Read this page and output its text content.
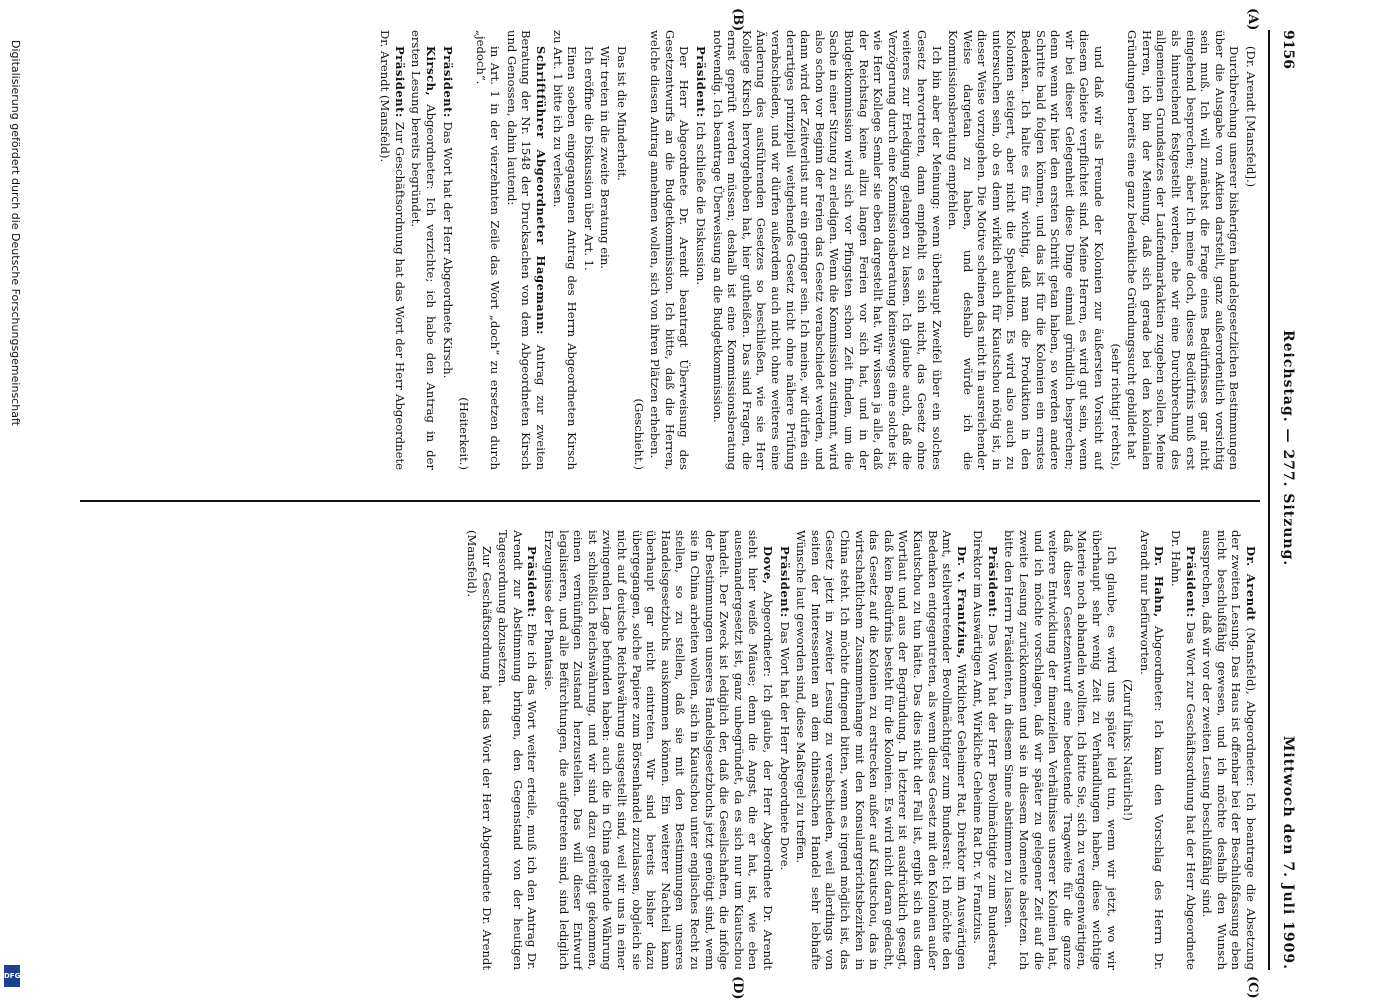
9156
Reichstag. — 277. Sitzung.
Mittwoch den 7. Juli 1909.
(A)
(B)
(C)
(D)

(Dr. Arendt [Mansfeld].)

Durchbrechung unserer bisherigen handelsgesetzlichen Bestimmungen über die Ausgabe von Aktien darstellt, ganz außerordentlich vorsichtig sein muß. Ich will zunächst die Frage eines Bedürfnisses gar nicht eingehend besprechen; aber ich meine doch, dieses Bedürfnis muß erst als hinreichend festgestellt werden, ehe wir eine Durchbrechung des allgemeinen Grundsatzes der Laufendmarkaktien zugeben sollen. Meine Herren, ich bin der Meinung, daß sich gerade bei den kolonialen Gründungen bereits eine ganz bedenkliche Gründungssucht gebildet hat

(sehr richtig! rechts),

und daß wir als Freunde der Kolonien zur äußersten Vorsicht auf diesem Gebiete verpflichtet sind. Meine Herren, es wird gut sein, wenn wir bei dieser Gelegenheit diese Dinge einmal gründlich besprechen; denn wenn wir hier den ersten Schritt getan haben, so werden andere Schritte bald folgen können, und das ist für die Kolonien ein ernstes Bedenken. Ich halte es für wichtig, daß man die Produktion in den Kolonien steigert, aber nicht die Spekulation. Es wird also auch zu untersuchen sein, ob es denn wirklich auch für Kiautschou nötig ist, in dieser Weise vorzugehen. Die Motive scheinen das nicht in ausreichender Weise dargetan zu haben, und deshalb würde ich die Kommissionsberatung empfehlen.

Ich bin aber der Meinung: wenn überhaupt Zweifel über ein solches Gesetz hervortreten, dann empfiehlt es sich nicht, das Gesetz ohne weiteres zur Erledigung gelangen zu lassen. Ich glaube auch, daß die Verzögerung durch eine Kommissionsberatung keineswegs eine solche ist, wie Herr Kollege Semler sie eben dargestellt hat. Wir wissen ja alle, daß der Reichstag keine allzu langen Ferien vor sich hat, und in der Budgetkommission wird sich vor Pfingsten schon Zeit finden, um die Sache in einer Sitzung zu erledigen. Wenn die Kommission zustimmt, wird also schon vor Beginn der Ferien das Gesetz verabschiedet werden, und dann wird der Zeitverlust nur ein geringer sein. Ich meine, wir dürfen ein derartiges prinzipiell weitgehendes Gesetz nicht ohne nähere Prüfung verabschieden, und wir dürfen außerdem auch nicht ohne weiteres eine Änderung des ausführenden Gesetzes so beschließen, wie sie Herr Kollege Kirsch hervorgehoben hat, hier gutheißen. Das sind Fragen, die ernst geprüft werden müssen; deshalb ist eine Kommissionsberatung notwendig. Ich beantrage Überweisung an die Budgetkommission.

Präsident: Ich schließe die Diskussion.

Der Herr Abgeordnete Dr. Arendt beantragt Überweisung des Gesetzentwurfs an die Budgetkommission. Ich bitte, daß die Herren, welche diesen Antrag annehmen wollen, sich von ihren Plätzen erheben.

(Geschieht.)

Das ist die Minderheit.

Wir treten in die zweite Beratung ein.

Ich eröffne die Diskussion über Art. 1.

Einen soeben eingegangenen Antrag des Herrn Abgeordneten Kirsch zu Art. 1 bitte ich zu verlesen.

Schriftführer Abgeordneter Hagemann: Antrag zur zweiten Beratung der Nr. 1548 der Drucksachen von dem Abgeordneten Kirsch und Genossen, dahin lautend:

in Art. 1 in der vierzehnten Zeile das Wort „doch“ zu ersetzen durch „jedoch“.

(Heiterkeit.)

Präsident: Das Wort hat der Herr Abgeordnete Kirsch.

Kirsch, Abgeordneter: Ich verzichte; ich habe den Antrag in der ersten Lesung bereits begründet.

Präsident: Zur Geschäftsordnung hat das Wort der Herr Abgeordnete Dr. Arendt (Mansfeld).

Dr. Arendt (Mansfeld), Abgeordneter: Ich beantrage die Absetzung der zweiten Lesung. Das Haus ist offenbar bei der Beschlußfassung eben nicht beschlußfähig gewesen, und ich möchte deshalb den Wunsch aussprechen, daß wir vor der zweiten Lesung beschlußfähig sind.

Präsident: Das Wort zur Geschäftsordnung hat der Herr Abgeordnete Dr. Hahn.

Dr. Hahn, Abgeordneter: Ich kann den Vorschlag des Herrn Dr. Arendt nur befürworten.

(Zuruf links: Natürlich!)

Ich glaube, es wird uns später leid tun, wenn wir jetzt, wo wir überhaupt sehr wenig Zeit zu Verhandlungen haben, diese wichtige Materie noch abhandeln wollten. Ich bitte Sie, sich zu vergegenwärtigen, daß dieser Gesetzentwurf eine bedeutende Tragweite für die ganze weitere Entwicklung der finanziellen Verhältnisse unserer Kolonien hat, und ich möchte vorschlagen, daß wir später zu gelegener Zeit auf die zweite Lesung zurückkommen und sie in diesem Momente absetzen. Ich bitte den Herrn Präsidenten, in diesem Sinne abstimmen zu lassen.

Präsident: Das Wort hat der Herr Bevollmächtigte zum Bundesrat, Direktor im Auswärtigen Amt, Wirkliche Geheime Rat Dr. v. Frantzius.

Dr. v. Frantzius, Wirklicher Geheimer Rat, Direktor im Auswärtigen Amt, stellvertretender Bevollmächtigter zum Bundesrat: Ich möchte den Bedenken entgegentreten, als wenn dieses Gesetz mit den Kolonien außer Kiautschou zu tun hätte. Das dies nicht der Fall ist, ergibt sich aus dem Wortlaut und aus der Begründung. In letzterer ist ausdrücklich gesagt, daß kein Bedürfnis besteht für die Kolonien. Es wird nicht daran gedacht, das Gesetz auf die Kolonien zu erstrecken außer auf Kiautschou, das in wirtschaftlichem Zusammenhange mit den Konsulargerichtsbezirken in China steht. Ich möchte dringend bitten, wenn es irgend möglich ist, das Gesetz jetzt in zweiter Lesung zu verabschieden, weil allerdings von seiten der Interessenten an dem chinesischen Handel sehr lebhafte Wünsche laut geworden sind, diese Maßregel zu treffen.

Präsident: Das Wort hat der Herr Abgeordnete Dove.

Dove, Abgeordneter: Ich glaube, der Herr Abgeordnete Dr. Arendt sieht hier weiße Mäuse; denn die Angst, die er hat, ist, wie eben auseinandergesetzt ist, ganz unbegründet, da es sich nur um Kiautschou handelt. Der Zweck ist lediglich der, daß die Gesellschaften, die infolge der Bestimmungen unseres Handelsgesetzbuchs jetzt genötigt sind, wenn sie in China arbeiten wollen, sich in Kiautschou unter englisches Recht zu stellen, so zu stellen, daß sie mit den Bestimmungen unseres Handelsgesetzbuchs auskommen können. Ein weiterer Nachteil kann überhaupt gar nicht eintreten. Wir sind bereits bisher dazu übergegangen, solche Papiere zum Börsenhandel zuzulassen, obgleich sie nicht auf deutsche Reichswährung ausgestellt sind, weil wir uns in einer zwingenden Lage befunden haben: auch die in China geltende Währung ist schließlich Reichswährung, und wir sind dazu genötigt gekommen, einen vernünftigen Zustand herzustellen. Das will dieser Entwurf legalisieren, und alle Befürchtungen, die aufgetreten sind, sind lediglich Erzeugnisse der Phantasie.

Präsident: Ehe ich das Wort weiter erteile, muß ich den Antrag Dr. Arendt zur Abstimmung bringen, den Gegenstand von der heutigen Tagesordnung abzusetzen.

Zur Geschäftsordnung hat das Wort der Herr Abgeordnete Dr. Arendt (Mansfeld).

Digitalisierung gefördert durch die Deutsche Forschungsgemeinschaft
DFG
